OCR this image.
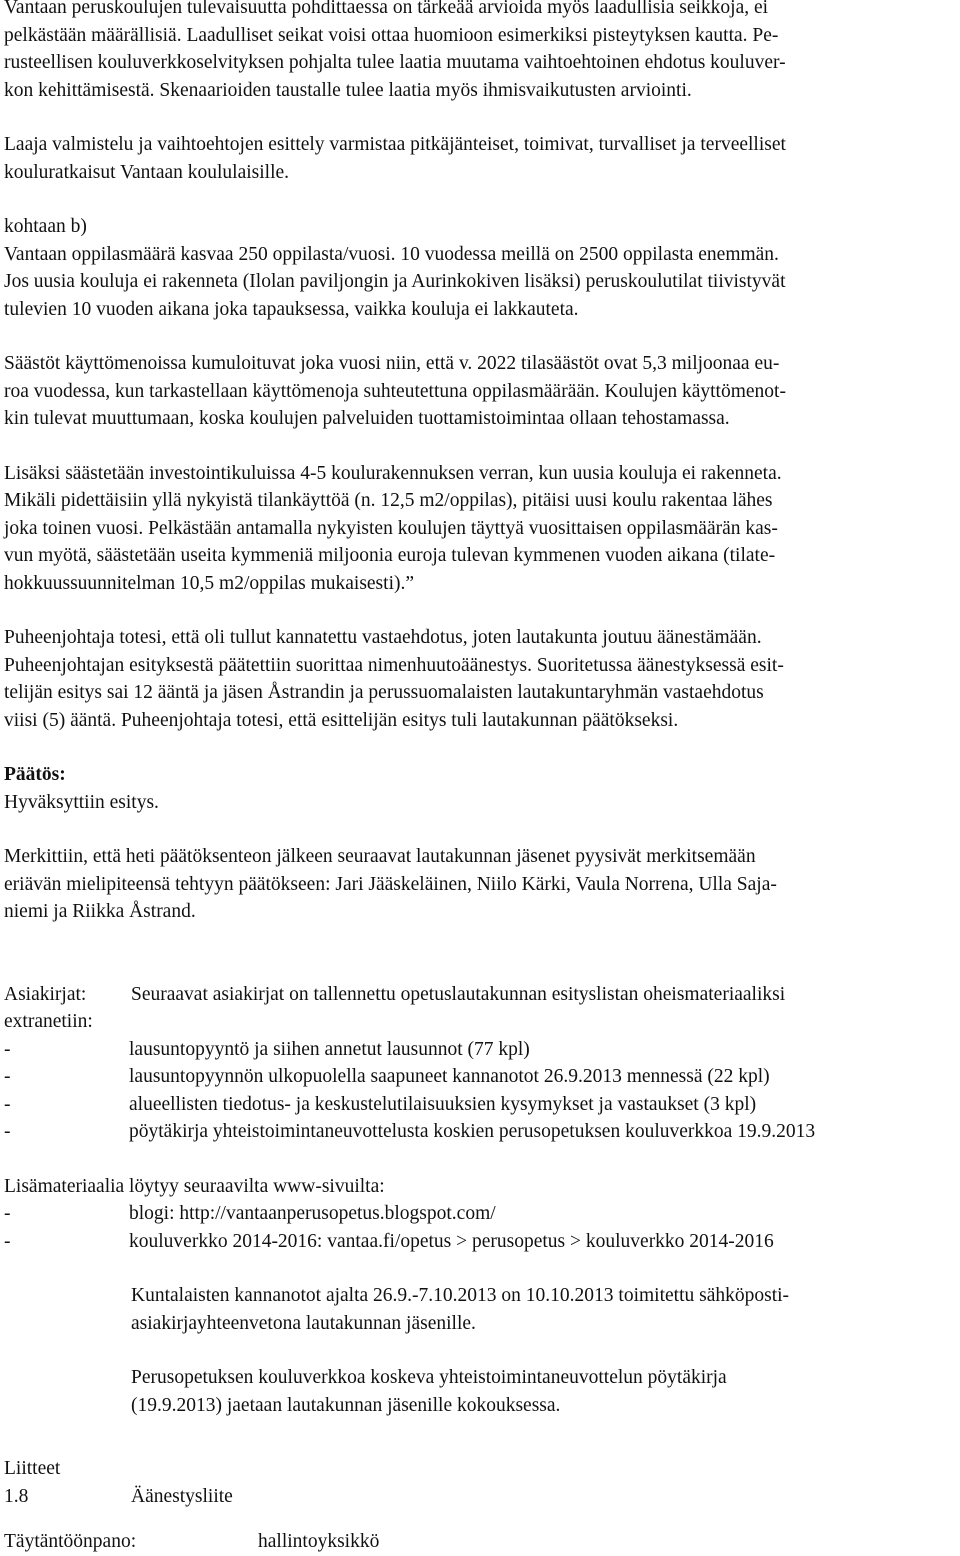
Vantaan peruskoulujen tulevaisuutta pohdittaessa on tärkeää arvioida myös laadullisia seikkoja, ei

pelkästään määrällisiä. Laadulliset seikat voisi ottaa huomioon esimerkiksi pisteytyksen kautta. Pe-

rusteellisen kouluverkkoselvityksen pohjalta tulee laatia muutama vaihtoehtoinen ehdotus kouluver-

kon kehittämisestä. Skenaarioiden taustalle tulee laatia myös ihmisvaikutusten arviointi.

Laaja valmistelu ja vaihtoehtojen esittely varmistaa pitkäjänteiset, toimivat, turvalliset ja terveelliset

kouluratkaisut Vantaan koululaisille.

kohtaan b)

Vantaan oppilasmäärä kasvaa 250 oppilasta/vuosi. 10 vuodessa meillä on 2500 oppilasta enemmän.

Jos uusia kouluja ei rakenneta (Ilolan paviljongin ja Aurinkokiven lisäksi) peruskoulutilat tiivistyvät

tulevien 10 vuoden aikana joka tapauksessa, vaikka kouluja ei lakkauteta.

Säästöt käyttömenoissa kumuloituvat joka vuosi niin, että v. 2022 tilasäästöt ovat 5,3 miljoonaa eu-

roa vuodessa, kun tarkastellaan käyttömenoja suhteutettuna oppilasmäärään. Koulujen käyttömenot-

kin tulevat muuttumaan, koska koulujen palveluiden tuottamistoimintaa ollaan tehostamassa.

Lisäksi säästetään investointikuluissa 4-5 koulurakennuksen verran, kun uusia kouluja ei rakenneta.

Mikäli pidettäisiin yllä nykyistä tilankäyttöä (n. 12,5 m2/oppilas), pitäisi uusi koulu rakentaa lähes

joka toinen vuosi. Pelkästään antamalla nykyisten koulujen täyttyä vuosittaisen oppilasmäärän kas-

vun myötä, säästetään useita kymmeniä miljoonia euroja tulevan kymmenen vuoden aikana (tilate-

hokkuussuunnitelman 10,5 m2/oppilas mukaisesti).”

Puheenjohtaja totesi, että oli tullut kannatettu vastaehdotus, joten lautakunta joutuu äänestämään.

Puheenjohtajan esityksestä päätettiin suorittaa nimenhuutoäänestys. Suoritetussa äänestyksessä esit-

telijän esitys sai 12 ääntä ja jäsen Åstrandin ja perussuomalaisten lautakuntaryhmän vastaehdotus

viisi (5) ääntä. Puheenjohtaja totesi, että esittelijän esitys tuli lautakunnan päätökseksi.

Päätös:

Hyväksyttiin esitys.

Merkittiin, että heti päätöksenteon jälkeen seuraavat lautakunnan jäsenet pyysivät merkitsemään

eriävän mielipiteensä tehtyyn päätökseen: Jari Jääskeläinen, Niilo Kärki, Vaula Norrena, Ulla Saja-

niemi ja Riikka Åstrand.

Asiakirjat:	Seuraavat asiakirjat on tallennettu opetuslautakunnan esityslistan oheismateriaaliksi

extranetiin:

-	lausuntopyyntö ja siihen annetut lausunnot (77 kpl)
-	lausuntopyynnön ulkopuolella saapuneet kannanotot 26.9.2013 mennessä (22 kpl)
-	alueellisten tiedotus- ja keskustelutilaisuuksien kysymykset ja vastaukset (3 kpl)
-	pöytäkirja yhteistoimintaneuvottelusta koskien perusopetuksen kouluverkkoa 19.9.2013

Lisämateriaalia löytyy seuraavilta www-sivuilta:

-	blogi: http://vantaanperusopetus.blogspot.com/
-	kouluverkko 2014-2016: vantaa.fi/opetus > perusopetus > kouluverkko 2014-2016

Kuntalaisten kannanotot ajalta 26.9.-7.10.2013 on 10.10.2013 toimitettu sähköposti-

asiakirjayhteenvetona lautakunnan jäsenille.

Perusopetuksen kouluverkkoa koskeva yhteistoimintaneuvottelun pöytäkirja

(19.9.2013) jaetaan lautakunnan jäsenille kokouksessa.

Liitteet

1.8	Äänestysliite
Täytäntöönpano:	hallintoyksikkö
